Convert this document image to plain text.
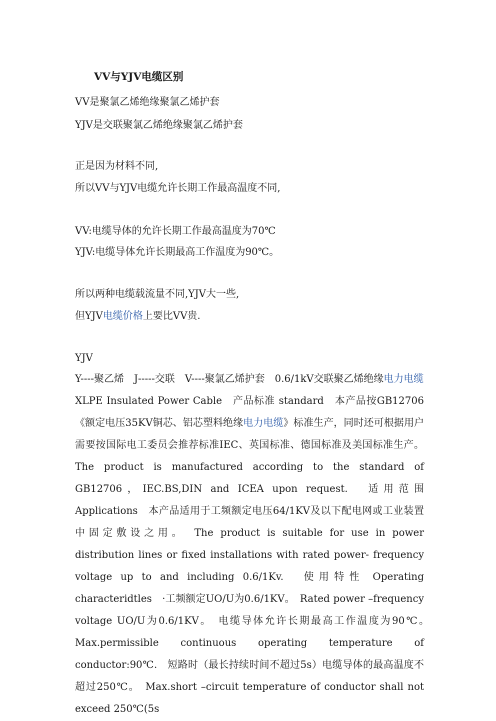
VV与YJV电缆区别
VV是聚氯乙烯绝缘聚氯乙烯护套
YJV是交联聚氯乙烯绝缘聚氯乙烯护套
正是因为材料不同,
所以VV与YJV电缆允许长期工作最高温度不同,
VV:电缆导体的允许长期工作最高温度为70℃
YJV:电缆导体允许长期最高工作温度为90℃。
所以两种电缆载流量不同,YJV大一些,
但YJV电缆价格上要比VV贵.
YJV
Y----聚乙烯　J-----交联　V----聚氯乙烯护套　0.6/1kV交联聚乙烯绝缘电力电缆　XLPE Insulated Power Cable　产品标准 standard　本产品按GB12706《额定电压35KV铜芯、铝芯塑料绝缘电力电缆》标准生产，同时还可根据用户需要按国际电工委员会推荐标准IEC、英国标准、德国标准及美国标准生产。The product is manufactured according to the standard of GB12706，IEC.BS,DIN and ICEA upon request.　适用范围 Applications　本产品适用于工频额定电压64/1KV及以下配电网或工业装置中固定敷设之用。　The product is suitable for use in power distribution lines or fixed installations with rated power- frequency voltage up to and including 0.6/1Kv.　使用特性 Operating characteridtles　·工频额定UO/U为0.6/1KV。　Rated power –frequency voltage UO/U为0.6/1KV。　电缆导体允许长期最高工作温度为90℃。　Max.permissible continuous operating temperature of conductor:90℃.　短路时（最长持续时间不超过5s）电缆导体的最高温度不超过250℃。　Max.short –circuit temperature of conductor shall not exceed 250℃(5s
